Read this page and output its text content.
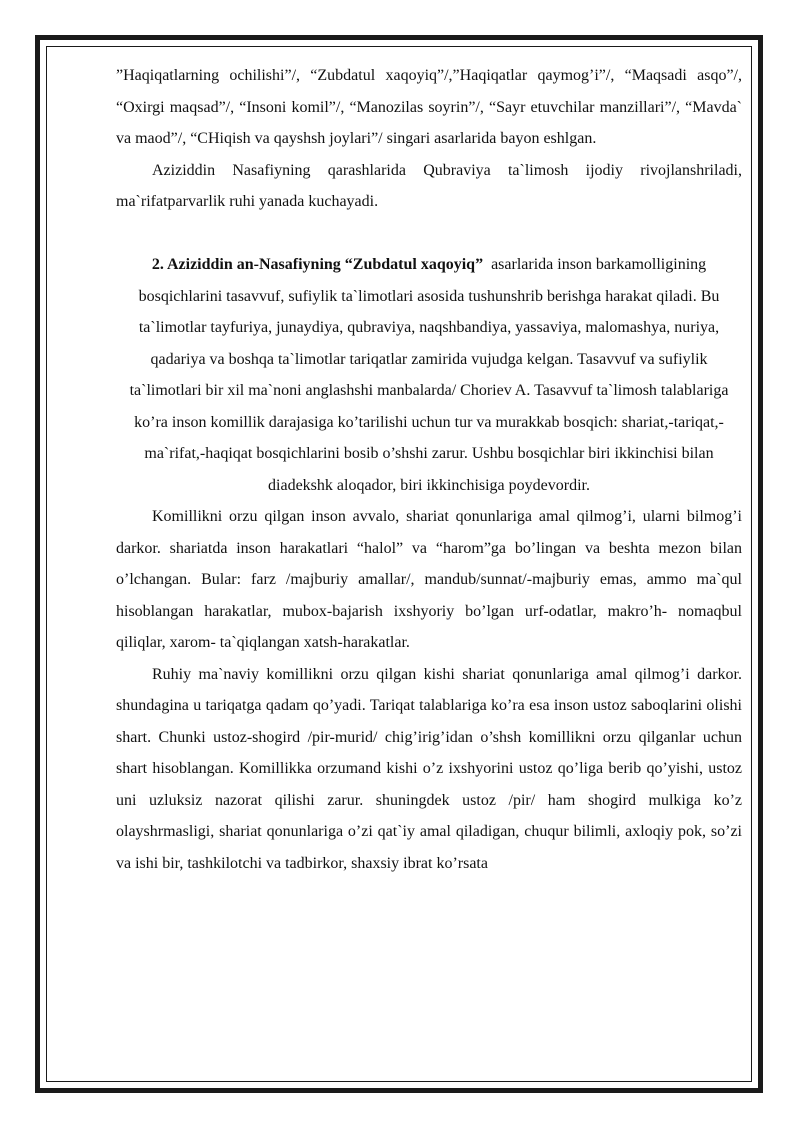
”Haqiqatlarning ochilishi”/, “Zubdatul xaqoyiq”/,”Haqiqatlar qaymog’i”/, “Maqsadi asqo”/, “Oxirgi maqsad”/, “Insoni komil”/, “Manozilas soyrin”/, “Sayr etuvchilar manzillari”/, “Mavda` va maod”/, “CHiqish va qayshsh joylari”/ singari asarlarida bayon eshlgan.

Aziziddin Nasafiyning qarashlarida Qubraviya ta`limosh ijodiy rivojlanshriladi, ma`rifatparvarlik ruhi yanada kuchayadi.

2. Aziziddin an-Nasafiyning “Zubdatul xaqoyiq” asarlarida inson barkamolligining bosqichlarini tasavvuf, sufiylik ta`limotlari asosida tushunshrib berishga harakat qiladi. Bu ta`limotlar tayfuriya, junaydiya, qubraviya, naqshbandiya, yassaviya, malomashya, nuriya, qadariya va boshqa ta`limotlar tariqatlar zamirida vujudga kelgan. Tasavvuf va sufiylik ta`limotlari bir xil ma`noni anglashshi manbalarda/ Choriev A. Tasavvuf ta`limosh talablariga ko’ra inson komillik darajasiga ko’tarilishi uchun tur va murakkab bosqich: shariat,-tariqat,-ma`rifat,-haqiqat bosqichlarini bosib o’shshi zarur. Ushbu bosqichlar biri ikkinchisi bilan diadekshk aloqador, biri ikkinchisiga poydevordir.

Komillikni orzu qilgan inson avvalo, shariat qonunlariga amal qilmog’i, ularni bilmog’i darkor. shariatda inson harakatlari “halol” va “harom”ga bo’lingan va beshta mezon bilan o’lchangan. Bular: farz /majburiy amallar/, mandub/sunnat/-majburiy emas, ammo ma`qul hisoblangan harakatlar, mubox-bajarish ixshyoriy bo’lgan urf-odatlar, makro’h- nomaqbul qiliqlar, xarom- ta`qiqlangan xatsh-harakatlar.

Ruhiy ma`naviy komillikni orzu qilgan kishi shariat qonunlariga amal qilmog’i darkor. shundagina u tariqatga qadam qo’yadi. Tariqat talablariga ko’ra esa inson ustoz saboqlarini olishi shart. Chunki ustoz-shogird /pir-murid/ chig’irig’idan o’shsh komillikni orzu qilganlar uchun shart hisoblangan. Komillikka orzumand kishi o’z ixshyorini ustoz qo’liga berib qo’yishi, ustoz uni uzluksiz nazorat qilishi zarur. shuningdek ustoz /pir/ ham shogird mulkiga ko’z olayshrmasligi, shariat qonunlariga o’zi qat`iy amal qiladigan, chuqur bilimli, axloqiy pok, so’zi va ishi bir, tashkilotchi va tadbirkor, shaxsiy ibrat ko’rsata
